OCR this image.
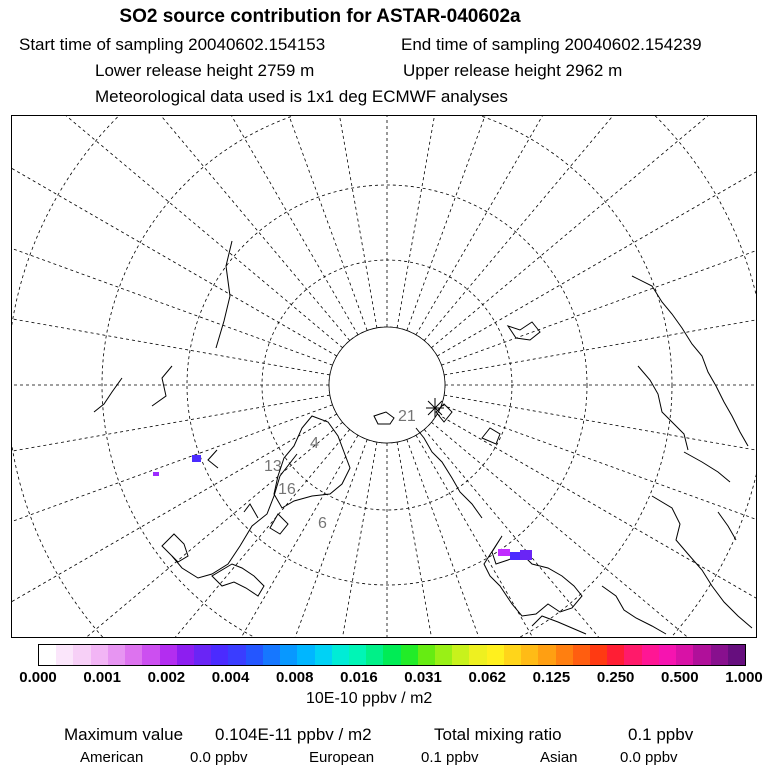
SO2 source contribution for ASTAR-040602a
Start time of sampling 20040602.154153	End time of sampling 20040602.154239
Lower release height 2759 m	Upper release height 2962 m
Meteorological data used is 1x1 deg ECMWF analyses
21
4
13
16
6
0.000 0.001 0.002 0.004 0.008 0.016 0.031 0.062 0.125 0.250 0.500 1.000
10E-10 ppbv / m2
Maximum value 0.104E-11 ppbv / m2	Total mixing ratio	0.1 ppbv
American	0.0 ppbv	European	0.1 ppbv	Asian	0.0 ppbv
